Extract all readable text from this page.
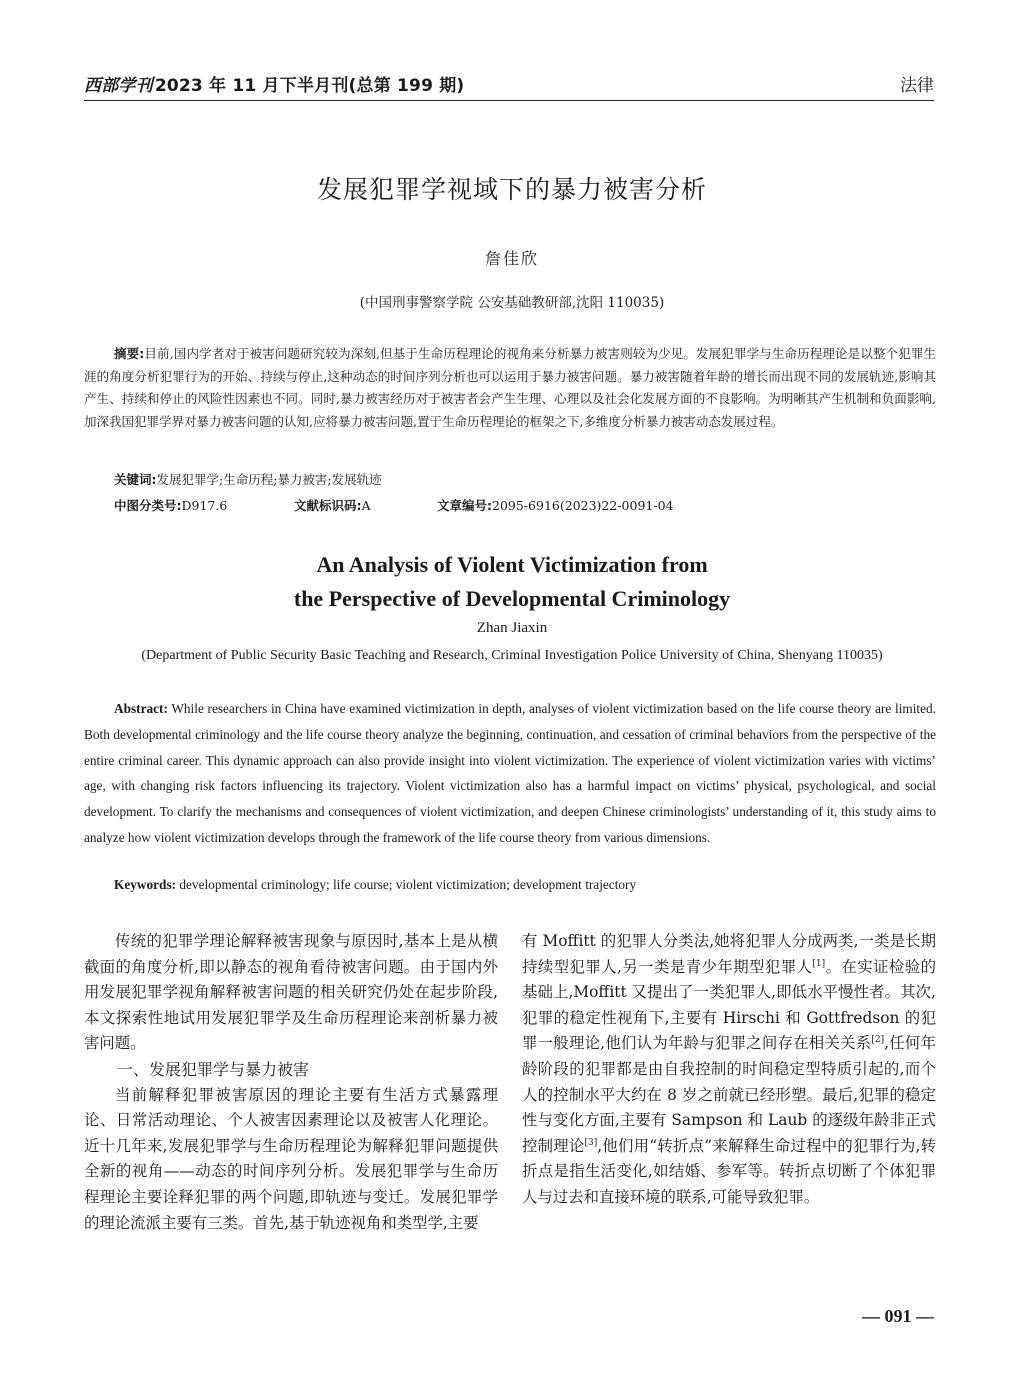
西部学刊 2023 年 11 月下半月刊(总第 199 期)	法律
发展犯罪学视域下的暴力被害分析
詹佳欣
(中国刑事警察学院 公安基础教研部,沈阳 110035)
摘要:目前,国内学者对于被害问题研究较为深刻,但基于生命历程理论的视角来分析暴力被害则较为少见。发展犯罪学与生命历程理论是以整个犯罪生涯的角度分析犯罪行为的开始、持续与停止,这种动态的时间序列分析也可以运用于暴力被害问题。暴力被害随着年龄的增长而出现不同的发展轨迹,影响其产生、持续和停止的风险性因素也不同。同时,暴力被害经历对于被害者会产生生理、心理以及社会化发展方面的不良影响。为明晰其产生机制和负面影响,加深我国犯罪学界对暴力被害问题的认知,应将暴力被害问题,置于生命历程理论的框架之下,多维度分析暴力被害动态发展过程。
关键词:发展犯罪学;生命历程;暴力被害;发展轨迹
中图分类号:D917.6	文献标识码:A	文章编号:2095-6916(2023)22-0091-04
An Analysis of Violent Victimization from
the Perspective of Developmental Criminology
Zhan Jiaxin
(Department of Public Security Basic Teaching and Research, Criminal Investigation Police University of China, Shenyang 110035)
Abstract: While researchers in China have examined victimization in depth, analyses of violent victimization based on the life course theory are limited. Both developmental criminology and the life course theory analyze the beginning, continuation, and cessation of criminal behaviors from the perspective of the entire criminal career. This dynamic approach can also provide insight into violent victimization. The experience of violent victimization varies with victims’ age, with changing risk factors influencing its trajectory. Violent victimization also has a harmful impact on victims’ physical, psychological, and social development. To clarify the mechanisms and consequences of violent victimization, and deepen Chinese criminologists’ understanding of it, this study aims to analyze how violent victimization develops through the framework of the life course theory from various dimensions.
Keywords: developmental criminology; life course; violent victimization; development trajectory

传统的犯罪学理论解释被害现象与原因时,基本上是从横截面的角度分析,即以静态的视角看待被害问题。由于国内外用发展犯罪学视角解释被害问题的相关研究仍处在起步阶段,本文探索性地试用发展犯罪学及生命历程理论来剖析暴力被害问题。

一、发展犯罪学与暴力被害

当前解释犯罪被害原因的理论主要有生活方式暴露理论、日常活动理论、个人被害因素理论以及被害人化理论。近十几年来,发展犯罪学与生命历程理论为解释犯罪问题提供全新的视角——动态的时间序列分析。发展犯罪学与生命历程理论主要诠释犯罪的两个问题,即轨迹与变迁。发展犯罪学的理论流派主要有三类。首先,基于轨迹视角和类型学,主要

有 Moffitt 的犯罪人分类法,她将犯罪人分成两类,一类是长期持续型犯罪人,另一类是青少年期型犯罪人[1]。在实证检验的基础上,Moffitt 又提出了一类犯罪人,即低水平慢性者。其次,犯罪的稳定性视角下,主要有 Hirschi 和 Gottfredson 的犯罪一般理论,他们认为年龄与犯罪之间存在相关关系[2],任何年龄阶段的犯罪都是由自我控制的时间稳定型特质引起的,而个人的控制水平大约在 8 岁之前就已经形塑。最后,犯罪的稳定性与变化方面,主要有 Sampson 和 Laub 的逐级年龄非正式控制理论[3],他们用“转折点”来解释生命过程中的犯罪行为,转折点是指生活变化,如结婚、参军等。转折点切断了个体犯罪人与过去和直接环境的联系,可能导致犯罪。

— 091 —
